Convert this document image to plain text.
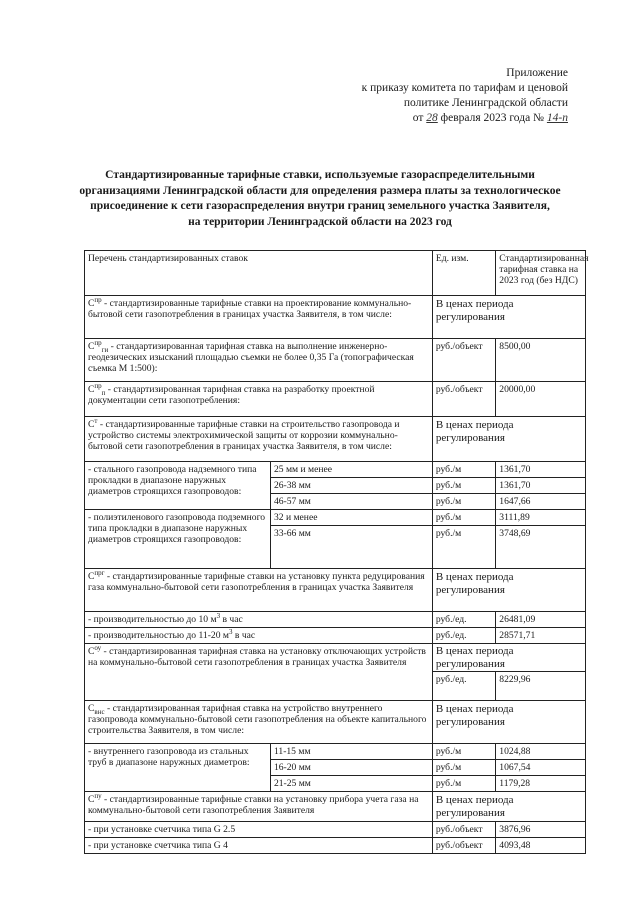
Приложение
к приказу комитета по тарифам и ценовой
политике Ленинградской области
от 28 февраля 2023 года № 14-п
Стандартизированные тарифные ставки, используемые газораспределительными
организациями Ленинградской области для определения размера платы за технологическое
присоединение к сети газораспределения внутри границ земельного участка Заявителя,
на территории Ленинградской области на 2023 год
Перечень стандартизированных ставок		Ед. изм.	Стандартизированная тарифная ставка на 2023 год (без НДС)
$С^{пр}$ - стандартизированные тарифные ставки на проектирование коммунально-бытовой сети газопотребления в границах участка Заявителя, в том числе:		В ценах периода регулирования	
$С^{пр}_{ги}$ - стандартизированная тарифная ставка на выполнение инженерно-геодезических изысканий площадью съемки не более 0,35 Га (топографическая съемка М 1:500):		руб./объект	8500,00
$С^{пр}_п$ - стандартизированная тарифная ставка на разработку проектной документации сети газопотребления:		руб./объект	20000,00
$С^т$ - стандартизированные тарифные ставки на строительство газопровода и устройство системы электрохимической защиты от коррозии коммунально-бытовой сети газопотребления в границах участка Заявителя, в том числе:		В ценах периода регулирования	
- стального газопровода надземного типа прокладки в диапазоне наружных диаметров строящихся газопроводов:	25 мм и менее	руб./м	1361,70
	26-38 мм	руб./м	1361,70
	46-57 мм	руб./м	1647,66
- полиэтиленового газопровода подземного типа прокладки в диапазоне наружных диаметров строящихся газопроводов:	32 и менее	руб./м	3111,89
	33-66 мм	руб./м	3748,69
$С^{прг}$ - стандартизированные тарифные ставки на установку пункта редуцирования газа коммунально-бытовой сети газопотребления в границах участка Заявителя		В ценах периода регулирования	
- производительностью до 10 $м^3$ в час		руб./ед.	26481,09
- производительностью до 11-20 $м^3$ в час		руб./ед.	28571,71
$С^{оу}$ - стандартизированная тарифная ставка на установку отключающих устройств на коммунально-бытовой сети газопотребления в границах участка Заявителя		В ценах периода регулирования	
		руб./ед.	8229,96
$С_{внс}$ - стандартизированная тарифная ставка на устройство внутреннего газопровода коммунально-бытовой сети газопотребления на объекте капитального строительства Заявителя, в том числе:		В ценах периода регулирования	
- внутреннего газопровода из стальных труб в диапазоне наружных диаметров:	11-15 мм	руб./м	1024,88
	16-20 мм	руб./м	1067,54
	21-25 мм	руб./м	1179,28
$С^{пу}$ - стандартизированные тарифные ставки на установку прибора учета газа на коммунально-бытовой сети газопотребления Заявителя		В ценах периода регулирования	
- при установке счетчика типа G 2.5		руб./объект	3876,96
- при установке счетчика типа G 4		руб./объект	4093,48
